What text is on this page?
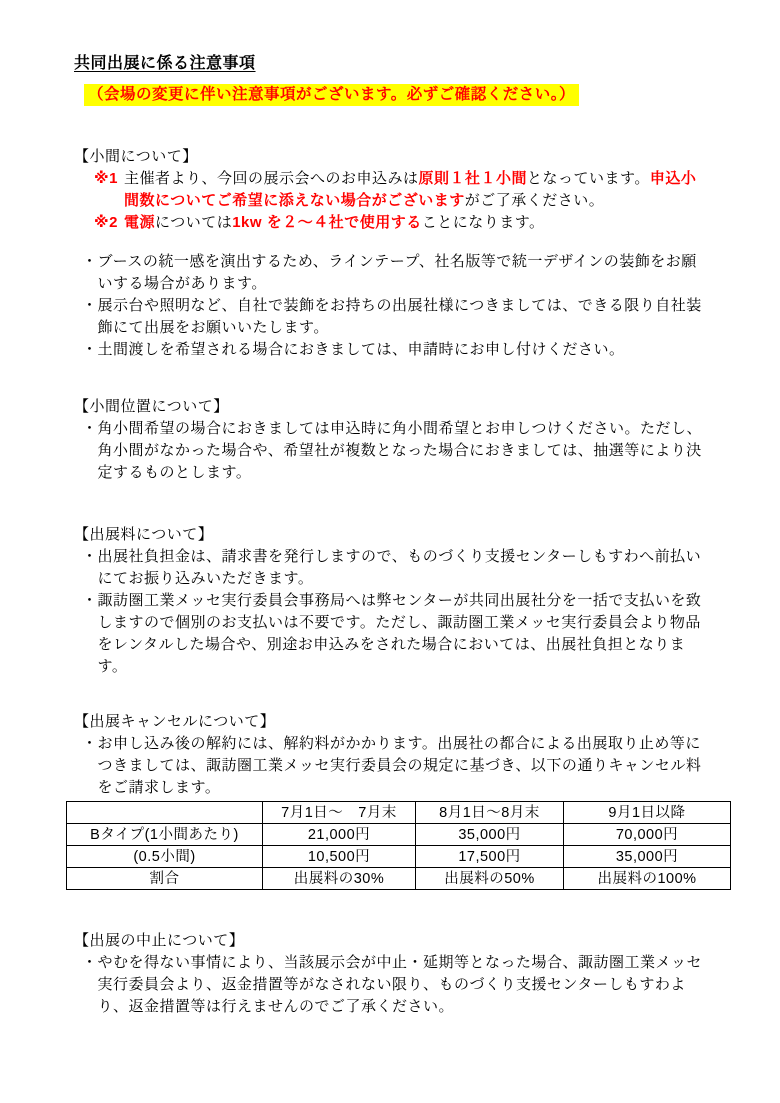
共同出展に係る注意事項
（会場の変更に伴い注意事項がございます。必ずご確認ください。）
【小間について】
※1 主催者より、今回の展示会へのお申込みは原則１社１小間となっています。申込小間数についてご希望に添えない場合がございますがご了承ください。
※2 電源については1kw を２～４社で使用することになります。
・ ブースの統一感を演出するため、ラインテープ、社名版等で統一デザインの装飾をお願いする場合があります。
・ 展示台や照明など、自社で装飾をお持ちの出展社様につきましては、できる限り自社装飾にて出展をお願いいたします。
・ 土間渡しを希望される場合におきましては、申請時にお申し付けください。
【小間位置について】
・ 角小間希望の場合におきましては申込時に角小間希望とお申しつけください。ただし、角小間がなかった場合や、希望社が複数となった場合におきましては、抽選等により決定するものとします。
【出展料について】
・ 出展社負担金は、請求書を発行しますので、ものづくり支援センターしもすわへ前払いにてお振り込みいただきます。
・ 諏訪圏工業メッセ実行委員会事務局へは弊センターが共同出展社分を一括で支払いを致しますので個別のお支払いは不要です。ただし、諏訪圏工業メッセ実行委員会より物品をレンタルした場合や、別途お申込みをされた場合においては、出展社負担となります。
【出展キャンセルについて】
・ お申し込み後の解約には、解約料がかかります。出展社の都合による出展取り止め等につきましては、諏訪圏工業メッセ実行委員会の規定に基づき、以下の通りキャンセル料をご請求します。
	7月1日～　7月末	8月1日～8月末	9月1日以降
Bタイプ(1小間あたり)	21,000円	35,000円	70,000円
(0.5小間)	10,500円	17,500円	35,000円
割合	出展料の30%	出展料の50%	出展料の100%
【出展の中止について】
・ やむを得ない事情により、当該展示会が中止・延期等となった場合、諏訪圏工業メッセ実行委員会より、返金措置等がなされない限り、ものづくり支援センターしもすわより、返金措置等は行えませんのでご了承ください。
